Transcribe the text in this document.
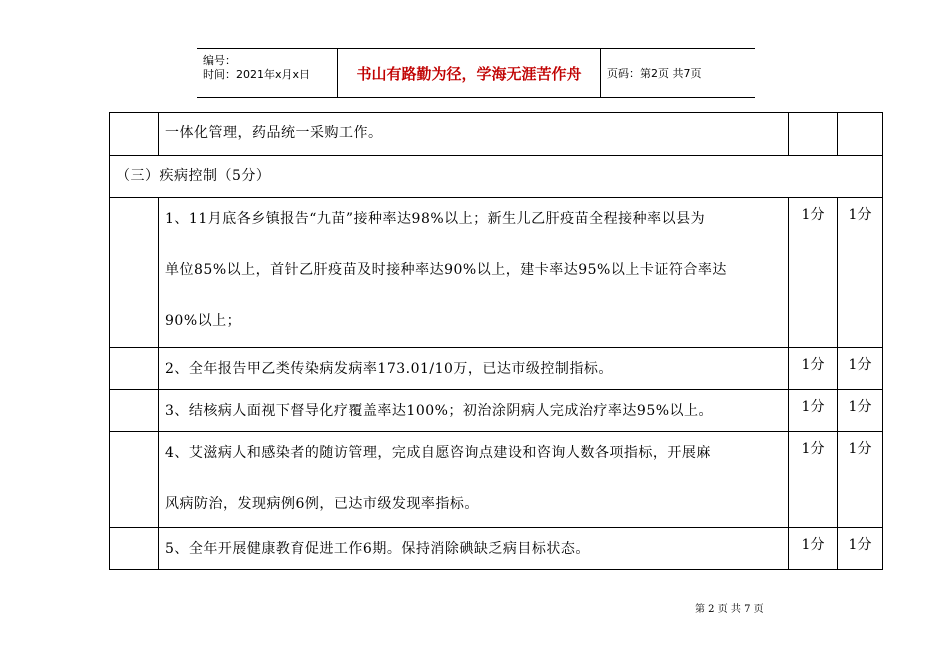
编号：
时间：2021年x月x日	书山有路勤为径，学海无涯苦作舟 页码：第2页 共7页

	一体化管理，药品统一采购工作。		

（三）疾病控制（5分）			

	1、11月底各乡镇报告“九苗”接种率达98%以上；新生儿乙肝疫苗全程接种率以县为
单位85%以上，首针乙肝疫苗及时接种率达90%以上，建卡率达95%以上卡证符合率达
90%以上；	1分	1分

	2、全年报告甲乙类传染病发病率173.01/10万，已达市级控制指标。	1分	1分

	3、结核病人面视下督导化疗覆盖率达100%；初治涂阴病人完成治疗率达95%以上。	1分	1分

	4、艾滋病人和感染者的随访管理，完成自愿咨询点建设和咨询人数各项指标，开展麻
风病防治，发现病例6例，已达市级发现率指标。	1分	1分

	5、全年开展健康教育促进工作6期。保持消除碘缺乏病目标状态。	1分	1分
第 2 页 共 7 页
